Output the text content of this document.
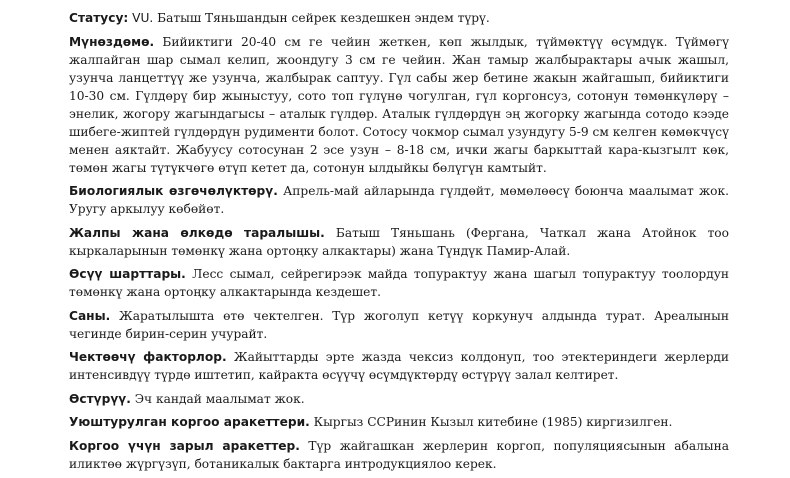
Статусу: VU. Батыш Тяньшандын сейрек кездешкен эндем түрү.

Мүнөздөмө. Бийиктиги 20-40 см ге чейин жеткен, көп жылдык, түймөктүү өсүмдүк. Түймөгү жалпайган шар сымал келип, жоондугу 3 см ге чейин. Жан тамыр жалбырактары ачык жашыл, узунча ланцеттүү же узунча, жалбырак саптуу. Гүл сабы жер бетине жакын жайгашып, бийиктиги 10-30 см. Гүлдөрү бир жыныстуу, сото топ гүлүнө чогулган, гүл коргонсуз, сотонун төмөнкүлөрү – энелик, жогору жагындагысы – аталык гүлдөр. Аталык гүлдөрдүн эң жогорку жагында сотодо кээде шибеге-жиптей гүлдөрдүн рудименти болот. Сотосу чокмор сымал узундугу 5-9 см келген көмөкчүсү менен аяктайт. Жабуусу сотосунан 2 эсе узун – 8-18 см, ички жагы баркыттай кара-кызгылт көк, төмөн жагы түтүкчөгө өтүп кетет да, сотонун ылдыйкы бөлүгүн камтыйт.

Биологиялык өзгөчөлүктөрү. Апрель-май айларында гүлдөйт, мөмөлөөсү боюнча маалымат жок. Уругу аркылуу көбөйөт.

Жалпы жана өлкөдө таралышы. Батыш Тяньшань (Фергана, Чаткал жана Атойнок тоо кыркаларынын төмөнкү жана ортоңку алкактары) жана Түндүк Памир-Алай.

Өсүү шарттары. Лесс сымал, сейрегирээк майда топурактуу жана шагыл топурактуу тоолордун төмөнкү жана ортоңку алкактарында кездешет.

Саны. Жаратылышта өтө чектелген. Түр жоголуп кетүү коркунуч алдында турат. Ареалынын чегинде бирин-серин учурайт.

Чектөөчү факторлор. Жайыттарды эрте жазда чексиз колдонуп, тоо этектериндеги жерлерди интенсивдүү түрдө иштетип, кайракта өсүүчү өсүмдүктөрдү өстүрүү залал келтирет.

Өстүрүү. Эч кандай маалымат жок.

Уюштурулган коргоо аракеттери. Кыргыз ССРинин Кызыл китебине (1985) киргизилген.

Коргоо үчүн зарыл аракеттер. Түр жайгашкан жерлерин коргоп, популяциясынын абалына иликтөө жүргүзүп, ботаникалык бактарга интродукциялоо керек.
